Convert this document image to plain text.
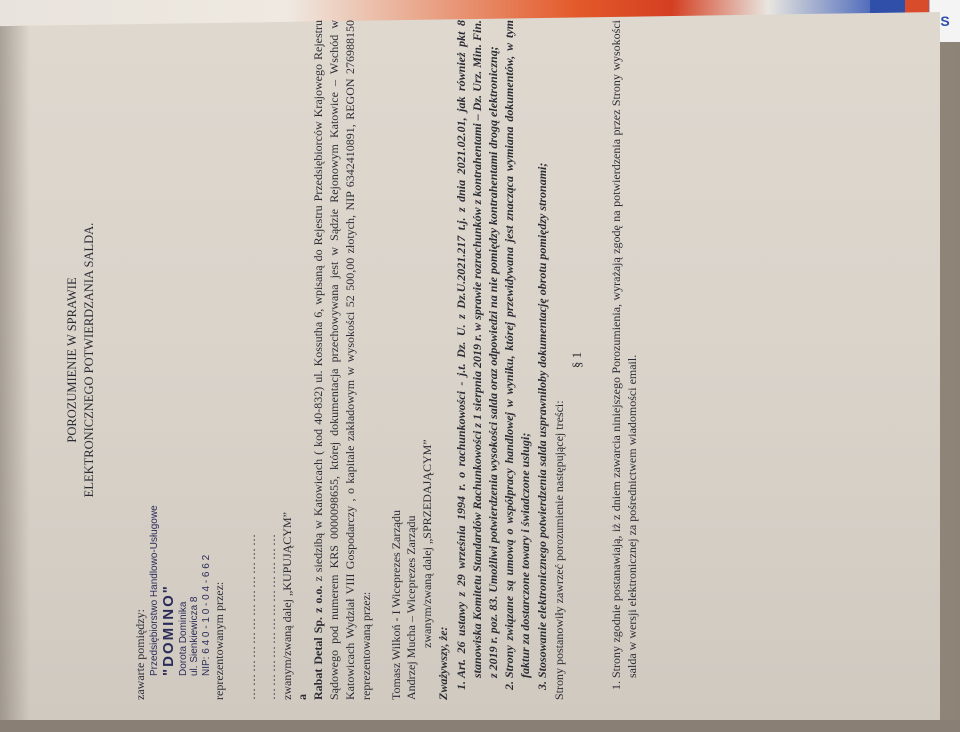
S
POROZUMIENIE W SPRAWIE ELEKTRONICZNEGO POTWIERDZANIA SALDA.

zawarte pomiędzy: Przedsiębiorstwo Handlowo-Usługowe "DOMINO" Dorota Dominika ul. Sienkiewicza 8 NIP: 6 4 0 - 1 0 - 0 4 - 6 6 2 reprezentowanym przez: ……………………………… ……………………………… zwanym/zwaną dalej „KUPUJĄCYM” a Rabat Detal Sp. z o.o. z siedzibą w Katowicach ( kod 40-832) ul. Kossutha 6, wpisaną do Rejestru Przedsiębiorców Krajowego Rejestru Sądowego pod numerem KRS 0000098655, której dokumentacja przechowywana jest w Sądzie Rejonowym Katowice – Wschód w Katowicach Wydział VIII Gospodarczy , o kapitale zakładowym w wysokości 52 500,00 złotych, NIP 6342410891, REGON 276988150 reprezentowaną przez: Tomasz Wilkoń - I Wiceprezes Zarządu Andrzej Mucha – Wiceprezes Zarządu zwanym/zwaną dalej „SPRZEDAJĄCYM”

Zważywszy, że: 1. Art. 26 ustawy z 29 września 1994 r. o rachunkowości - j.t. Dz. U. z Dz.U.2021.217 t.j. z dnia 2021.02.01, jak również pkt 8 stanowiska Komitetu Standardów Rachunkowości z 1 sierpnia 2019 r. w sprawie rozrachunków z kontrahentami – Dz. Urz. Min. Fin. z 2019 r. poz. 83. Umożliwi potwierdzenia wysokości salda oraz odpowiedzi na nie pomiędzy kontrahentami drogą elektroniczną; 2. Strony związane są umową o współpracy handlowej w wyniku, której przewidywana jest znacząca wymiana dokumentów, w tym faktur za dostarczone towary i świadczone usługi; 3. Stosowanie elektronicznego potwierdzenia salda usprawniłoby dokumentację obrotu pomiędzy stronami; Strony postanowiły zawrzeć porozumienie następującej treści:

§ 1 1. Strony zgodnie postanawiają, iż z dniem zawarcia niniejszego Porozumienia, wyrażają zgodę na potwierdzenia przez Strony wysokości salda w wersji elektronicznej za pośrednictwem wiadomości email.
